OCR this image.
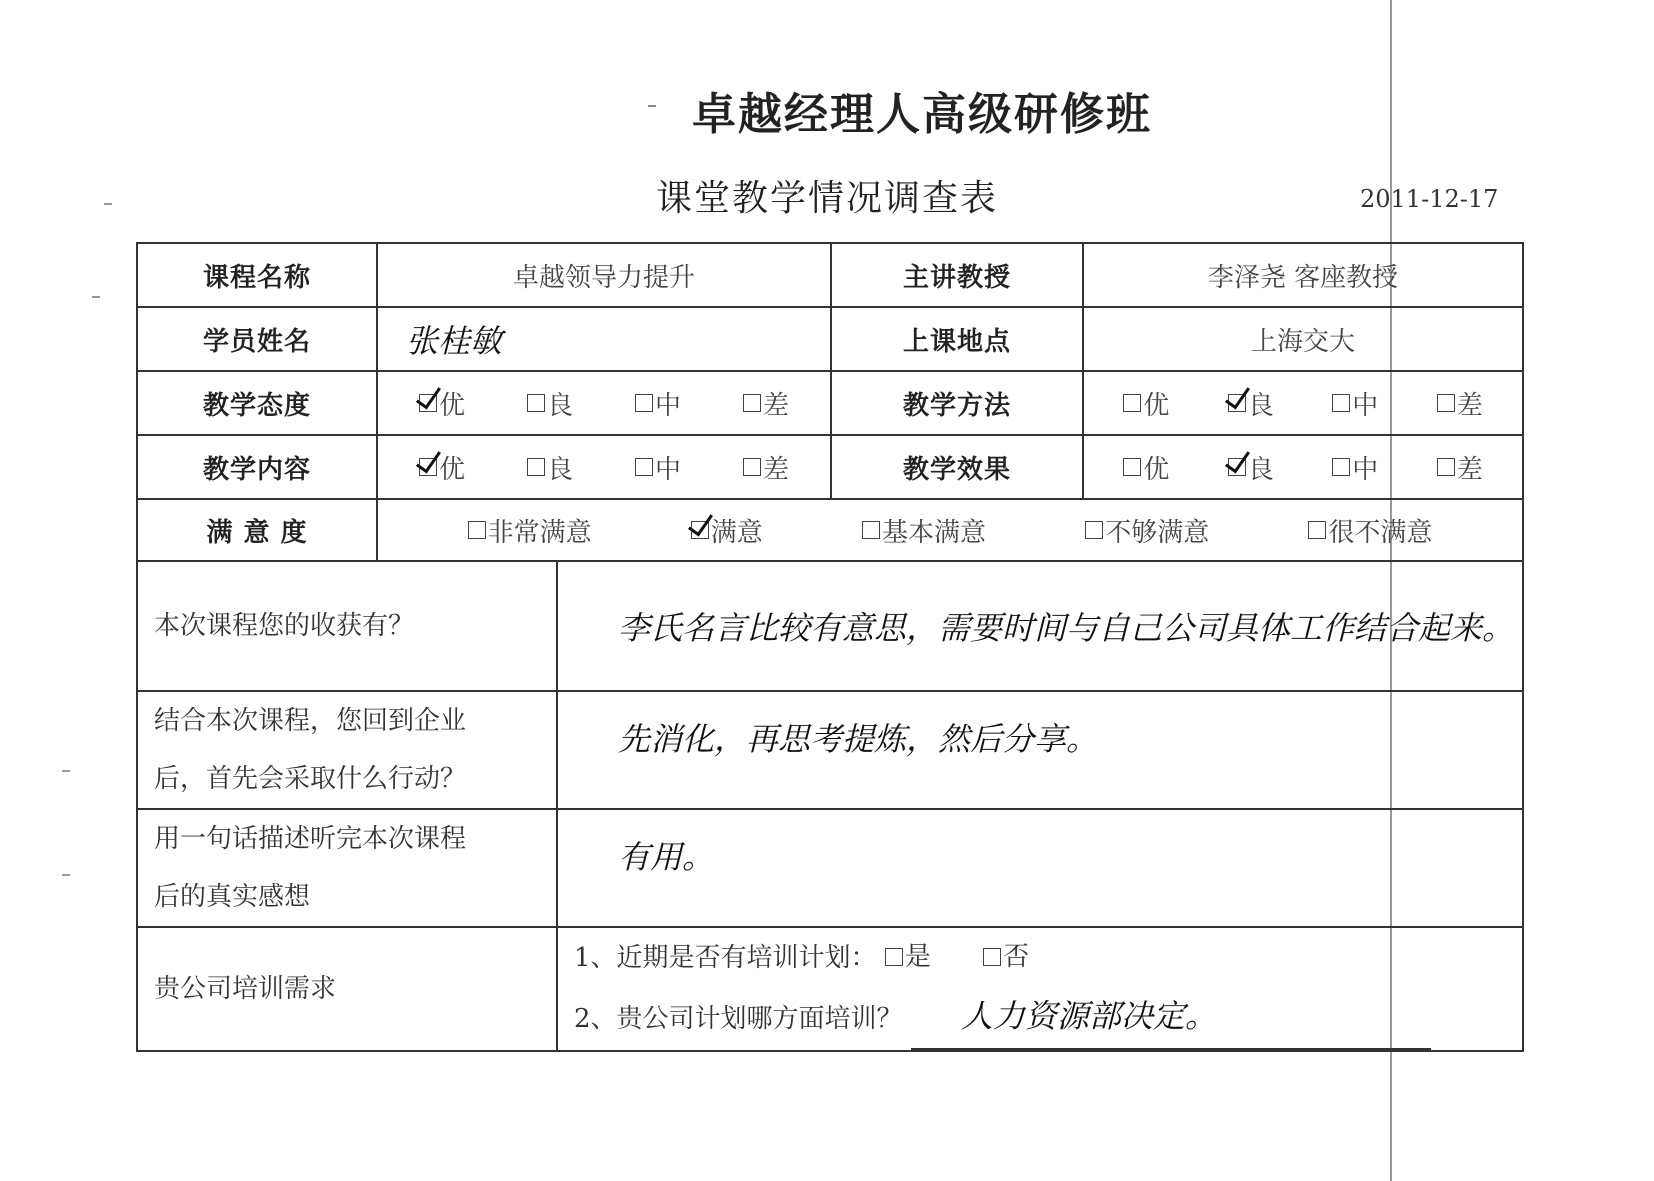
卓越经理人高级研修班
课堂教学情况调查表	2011-12-17
课程名称	卓越领导力提升		主讲教授	李泽尧 客座教授
学员姓名	张桂敏		上课地点	上海交大
教学态度	优 良 中 差		教学方法	优 良 中 差

教学内容	优 良 中 差		教学效果	优 良 中 差

满 意 度	非常满意 满意 基本满意 不够满意 很不满意			

本次课程您的收获有？		李氏名言比较有意思，需要时间与自己公司具体工作结合起来。		

结合本次课程，您回到企业
后，首先会采取什么行动？		先消化，再思考提炼，然后分享。		

用一句话描述听完本次课程
后的真实感想		有用。		
贵公司培训需求		1、近期是否有培训计划： 是
否
2、贵公司计划哪方面培训？ 人力资源部决定。		
